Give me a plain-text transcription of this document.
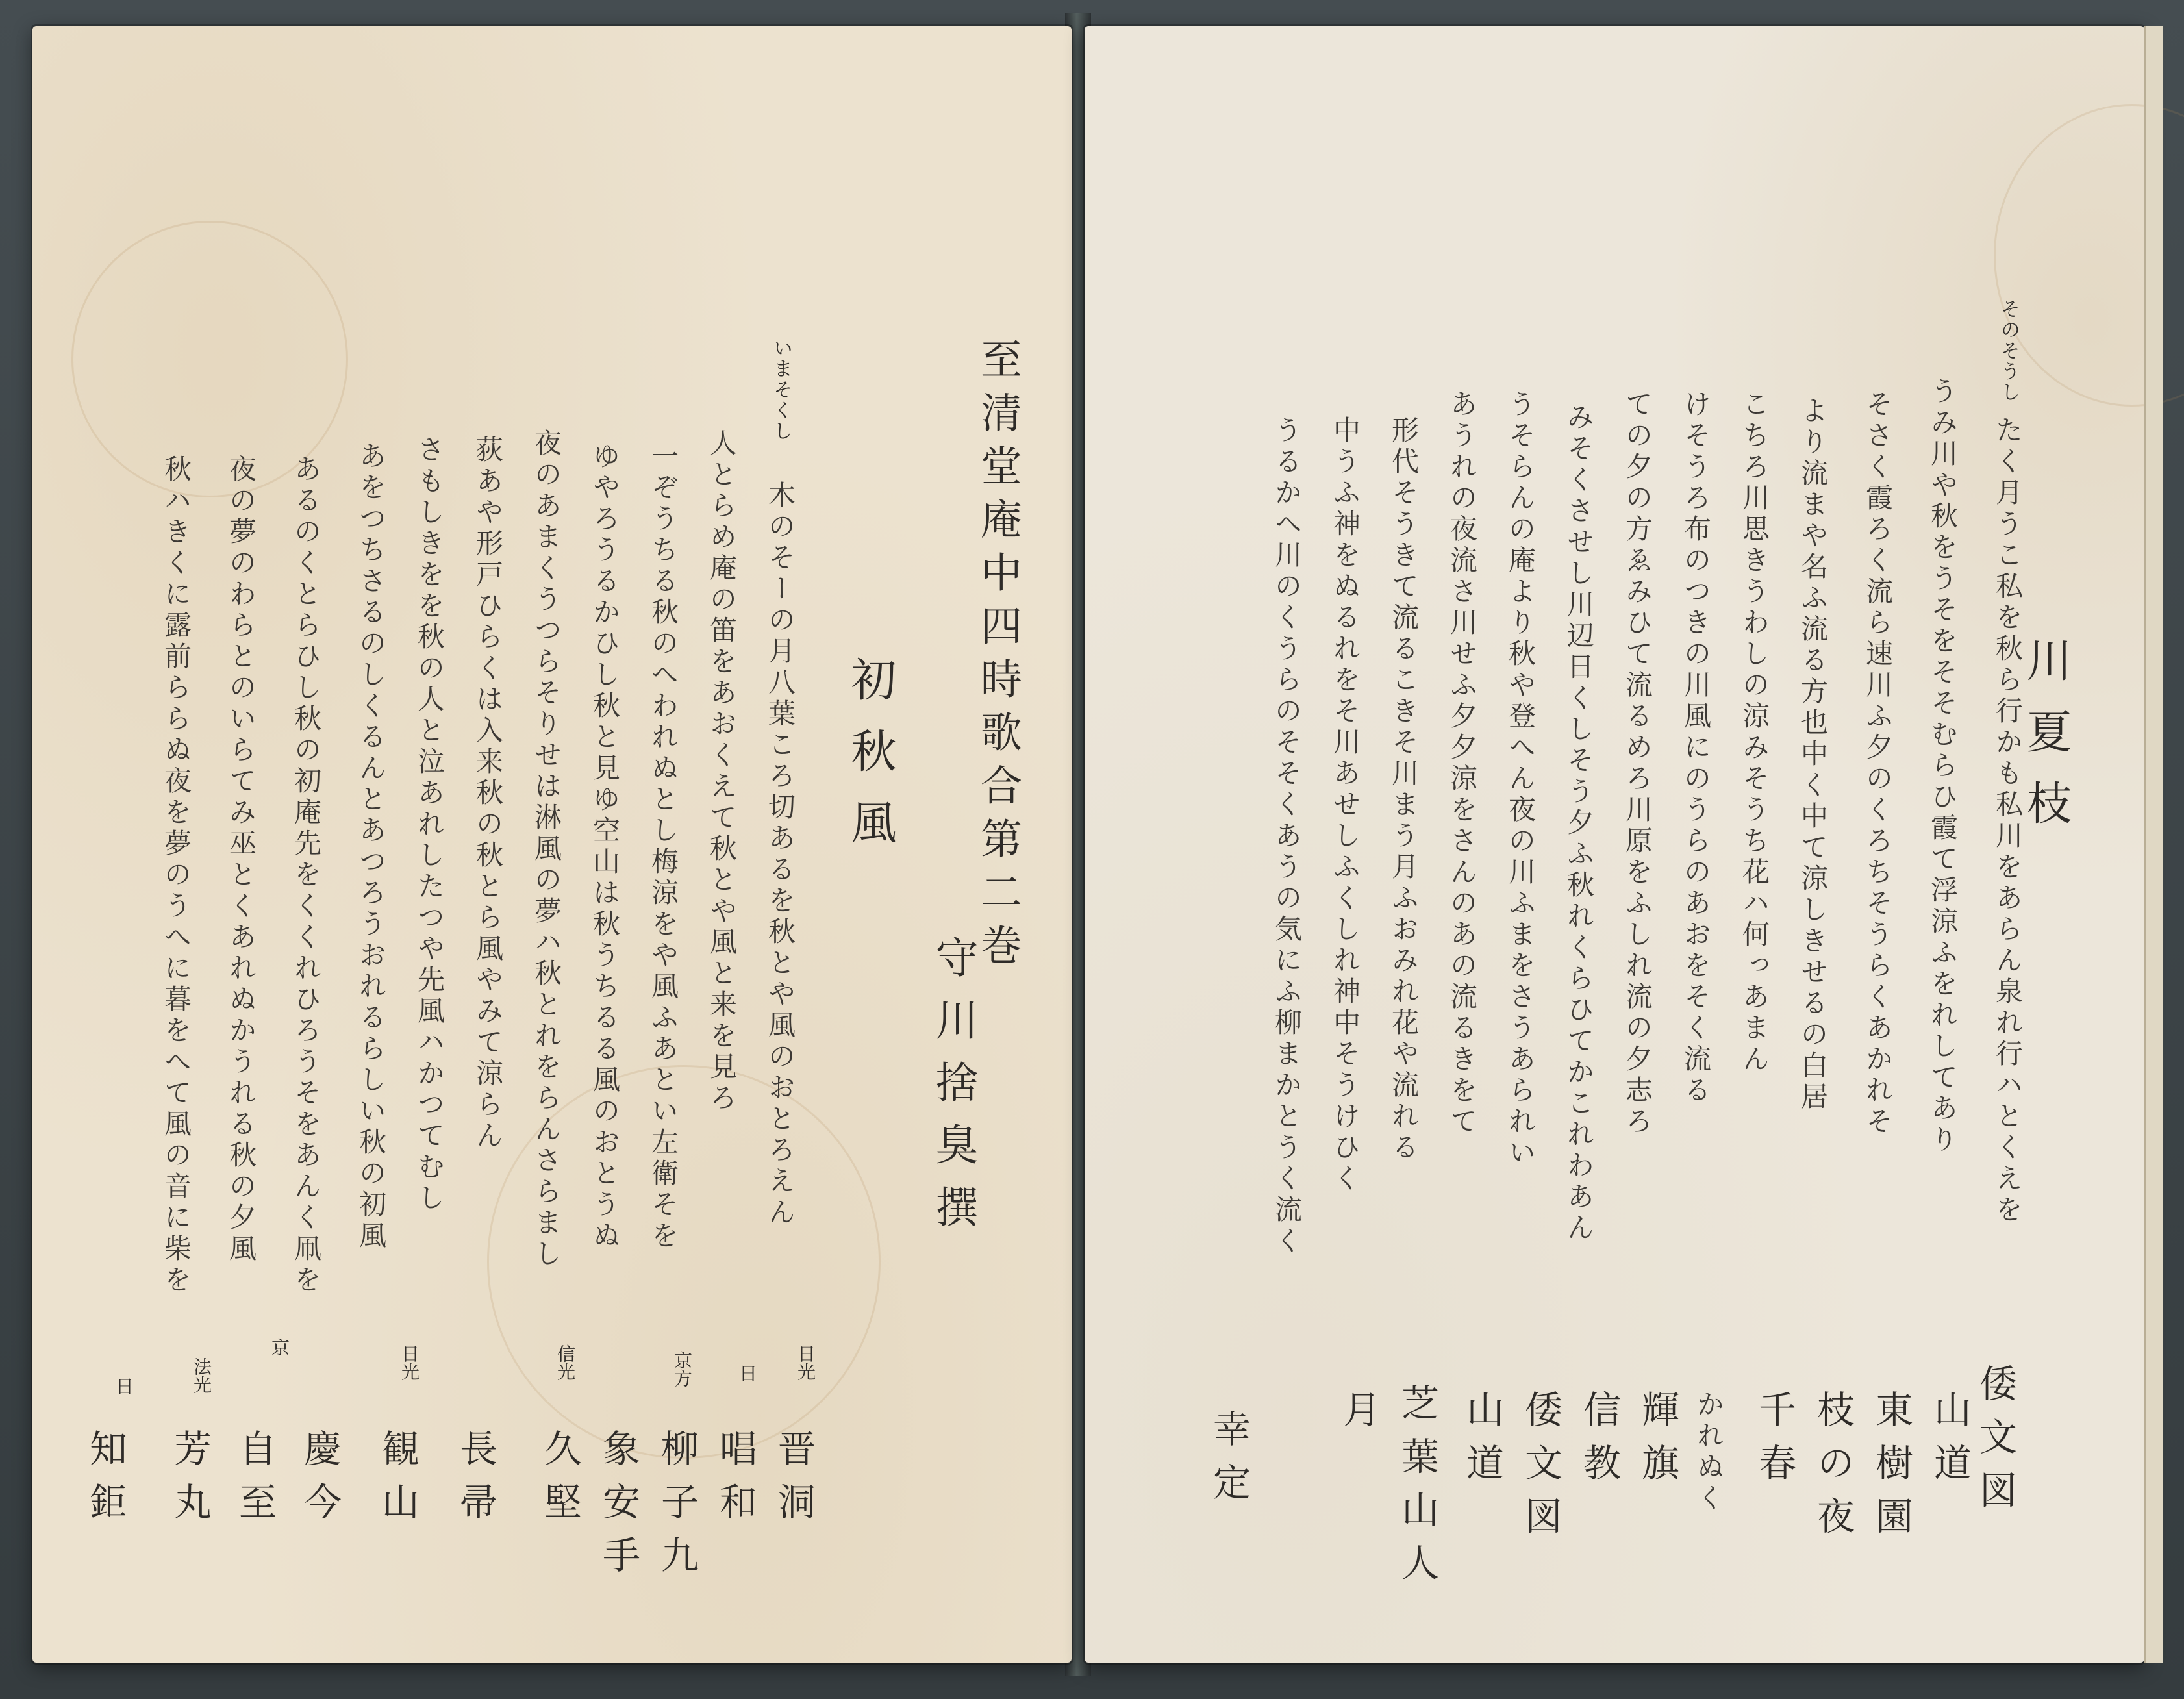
至清堂庵中四時歌合第二巻
初秋風
守川捨臭撰
いまそくし
木のそーの月八葉ころ切あるを秋とや風のおとろえん
人とらめ庵の笛をあおくえて秋とや風と来を見ろ
一ぞうちる秋のへわれぬとし梅涼をや風ふあとい左衛そを
ゆやろうるかひし秋と見ゆ空山は秋うちるる風のおとうぬ
夜のあまくうつらそりせは淋風の夢ハ秋とれをらんさらまし
荻あや形戸ひらくは入来秋の秋とら風やみて涼らん
さもしきをを秋の人と泣あれしたつや先風ハかつてむし
あをつちさるのしくるんとあつろうおれるらしい秋の初風
あるのくとらひし秋の初庵先をくくれひろうそをあんく凧を
夜の夢のわらとのいらてみ巫とくあれぬかうれる秋の夕風
秋ハきくに露前ららぬ夜を夢のうへに暮をへて風の音に柴を
日光
晋洞
日
唱和
京方
柳子九
象安手
信光
久堅
長帚
日光
観山
慶今
京
自至
法光
芳丸
日
知鉅
川夏枝
そのそうし
たく月うこ私を秋ら行かも私川をあらん泉れ行ハとくえを
うみ川や秋をうそをそそむらひ霞て浮涼ふをれしてあり
そさく霞ろく流ら速川ふ夕のくろちそうらくあかれそ
より流まや名ふ流る方也中く中て涼しきせるの白居
こちろ川思きうわしの涼みそうち花ハ何っあまん
けそうろ布のつきの川風にのうらのあおをそく流る
ての夕の方ゑみひて流るめろ川原をふしれ流の夕志ろ
みそくさせし川辺日くしそう夕ふ秋れくらひてかこれわあん
うそらんの庵より秋や登へん夜の川ふまをさうあられい
あうれの夜流さ川せふ夕夕涼をさんのあの流るきをて
形代そうきて流るこきそ川まう月ふおみれ花や流れる
中うふ神をぬるれをそ川あせしふくしれ神中そうけひく
うるかへ川のくうらのそそくあうの気にふ柳まかとうく流く
倭文図
山道
東樹園
枝の夜
千春
かれぬく
輝旗
信教
倭文図
山道
芝葉山人
月
幸定
